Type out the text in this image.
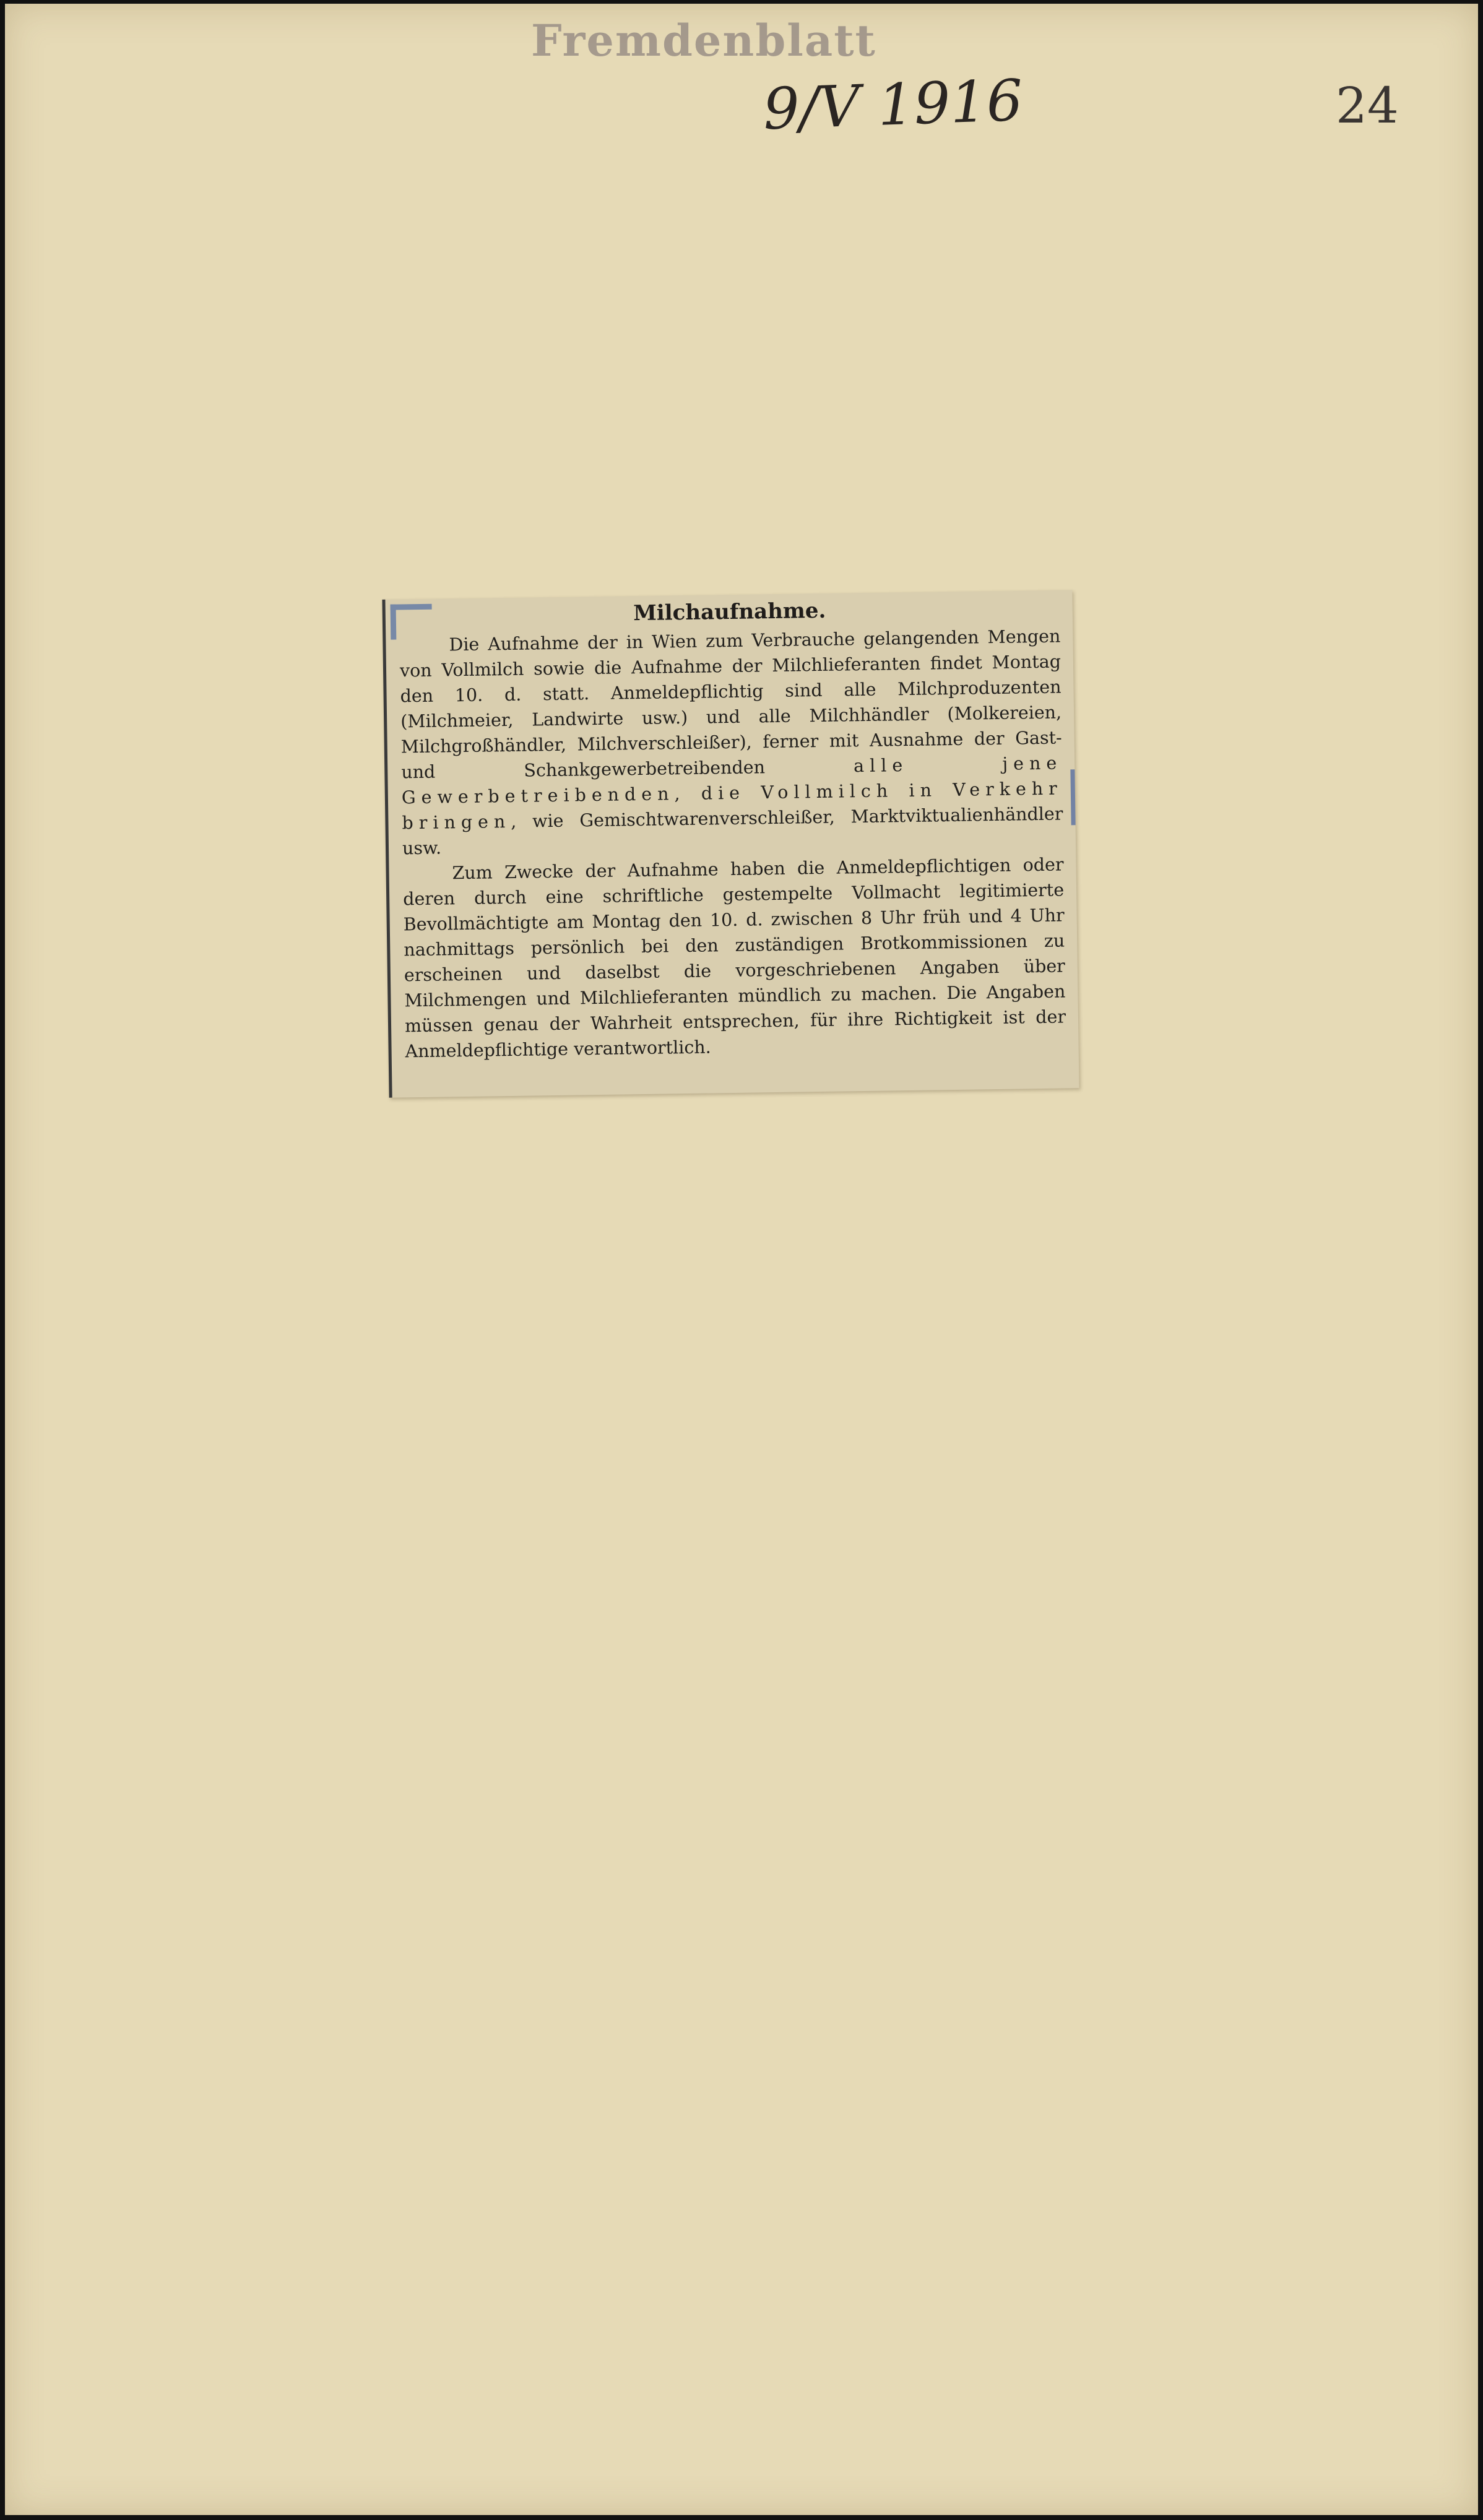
Fremdenblatt
9/V 1916	24

Milchaufnahme.

Die Aufnahme der in Wien zum Verbrauche gelangenden Mengen von Vollmilch sowie die Aufnahme der Milchlieferanten findet Montag den 10. d. statt. Anmeldepflichtig sind alle Milchproduzenten (Milchmeier, Landwirte usw.) und alle Milchhändler (Molkereien, Milchgroßhändler, Milchverschleißer), ferner mit Ausnahme der Gast- und Schankgewerbetreibenden alle jene Gewerbetreibenden, die Vollmilch in Verkehr bringen, wie Gemischtwarenverschleißer, Marktviktualienhändler usw.

Zum Zwecke der Aufnahme haben die Anmeldepflichtigen oder deren durch eine schriftliche gestempelte Vollmacht legitimierte Bevollmächtigte am Montag den 10. d. zwischen 8 Uhr früh und 4 Uhr nachmittags persönlich bei den zuständigen Brotkommissionen zu erscheinen und daselbst die vorgeschriebenen Angaben über Milchmengen und Milchlieferanten mündlich zu machen. Die Angaben müssen genau der Wahrheit entsprechen, für ihre Richtigkeit ist der Anmeldepflichtige verantwortlich.
